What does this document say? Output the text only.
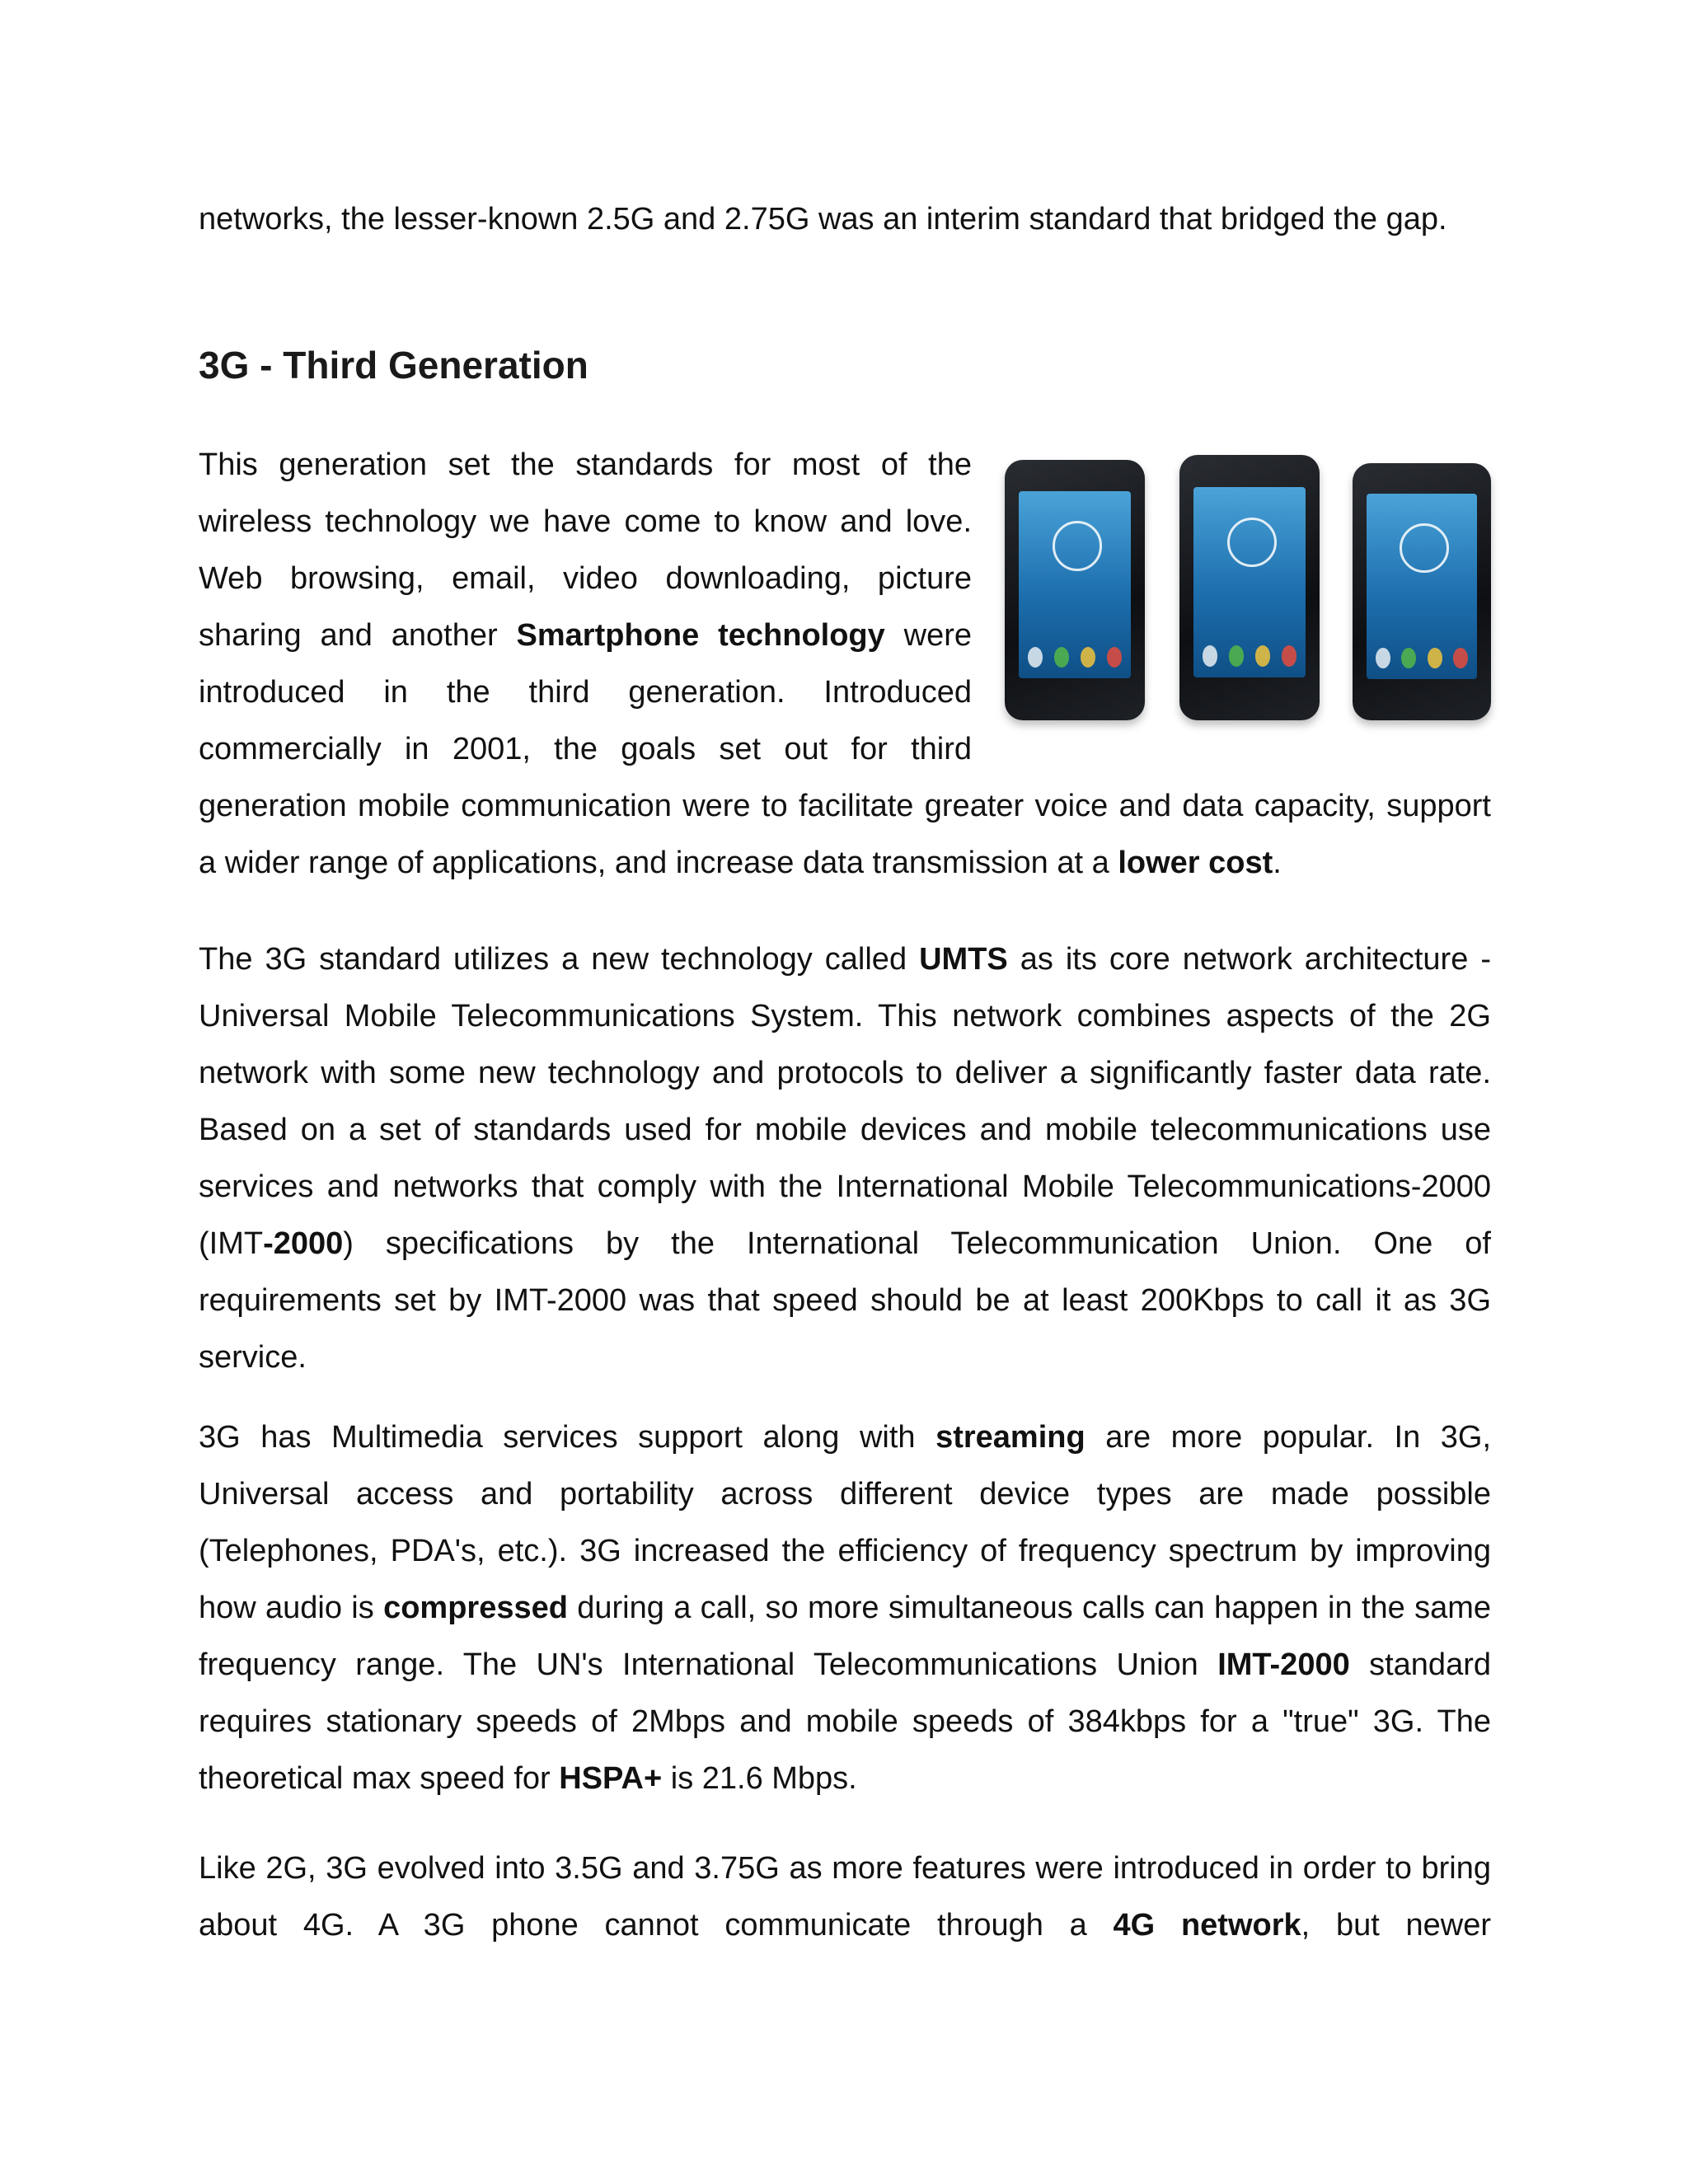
networks, the lesser-known 2.5G and 2.75G was an interim standard that bridged the gap.

3G - Third Generation

This generation set the standards for most of the wireless technology we have come to know and love. Web browsing, email, video downloading, picture sharing and another Smartphone technology were introduced in the third generation. Introduced commercially in 2001, the goals set out for third generation mobile communication were to facilitate greater voice and data capacity, support a wider range of applications, and increase data transmission at a lower cost.

The 3G standard utilizes a new technology called UMTS as its core network architecture - Universal Mobile Telecommunications System. This network combines aspects of the 2G network with some new technology and protocols to deliver a significantly faster data rate. Based on a set of standards used for mobile devices and mobile telecommunications use services and networks that comply with the International Mobile Telecommunications-2000 (IMT-2000) specifications by the International Telecommunication Union. One of requirements set by IMT-2000 was that speed should be at least 200Kbps to call it as 3G service.

3G has Multimedia services support along with streaming are more popular. In 3G, Universal access and portability across different device types are made possible (Telephones, PDA's, etc.). 3G increased the efficiency of frequency spectrum by improving how audio is compressed during a call, so more simultaneous calls can happen in the same frequency range. The UN's International Telecommunications Union IMT-2000 standard requires stationary speeds of 2Mbps and mobile speeds of 384kbps for a "true" 3G. The theoretical max speed for HSPA+ is 21.6 Mbps.

Like 2G, 3G evolved into 3.5G and 3.75G as more features were introduced in order to bring about 4G. A 3G phone cannot communicate through a 4G network, but newer
